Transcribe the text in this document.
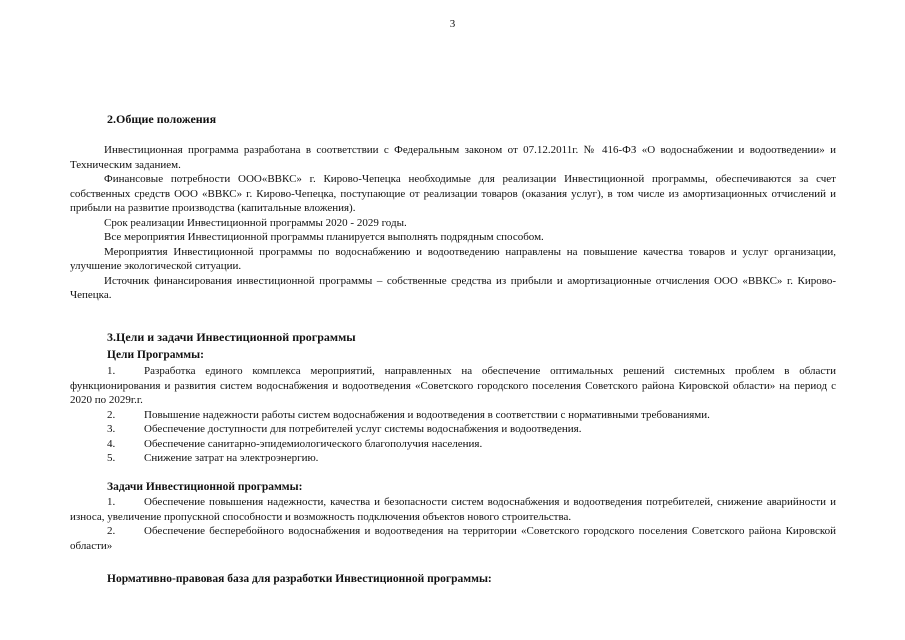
3
2.Общие положения

Инвестиционная программа разработана в соответствии с Федеральным законом от 07.12.2011г. № 416-ФЗ «О водоснабжении и водоотведении» и Техническим заданием.

Финансовые потребности ООО«ВВКС» г. Кирово-Чепецка необходимые для реализации Инвестиционной программы, обеспечиваются за счет собственных средств ООО «ВВКС» г. Кирово-Чепецка, поступающие от реализации товаров (оказания услуг), в том числе из амортизационных отчислений и прибыли на развитие производства (капитальные вложения).

Срок реализации Инвестиционной программы 2020 - 2029 годы.

Все мероприятия Инвестиционной программы планируется выполнять подрядным способом.

Мероприятия Инвестиционной программы по водоснабжению и водоотведению направлены на повышение качества товаров и услуг организации, улучшение экологической ситуации.

Источник финансирования инвестиционной программы – собственные средства из прибыли и амортизационные отчисления ООО «ВВКС» г. Кирово-Чепецка.

3.Цели и задачи Инвестиционной программы
Цели Программы:

1.	Разработка единого комплекса мероприятий, направленных на обеспечение оптимальных решений системных проблем в области функционирования и развития систем водоснабжения и водоотведения «Советского городского поселения Советского района Кировской области» на период с 2020 по 2029г.г.

2.	Повышение надежности работы систем водоснабжения и водоотведения в соответствии с нормативными требованиями.

3.	Обеспечение доступности для потребителей услуг системы водоснабжения и водоотведения.

4.	Обеспечение санитарно-эпидемиологического благополучия населения.

5.	Снижение затрат на электроэнергию.

Задачи Инвестиционной программы:

1.	Обеспечение повышения надежности, качества и безопасности систем водоснабжения и водоотведения потребителей, снижение аварийности и износа, увеличение пропускной способности и возможность подключения объектов нового строительства.

2.	Обеспечение бесперебойного водоснабжения и водоотведения на территории «Советского городского поселения Советского района Кировской области»

Нормативно-правовая база для разработки Инвестиционной программы:
